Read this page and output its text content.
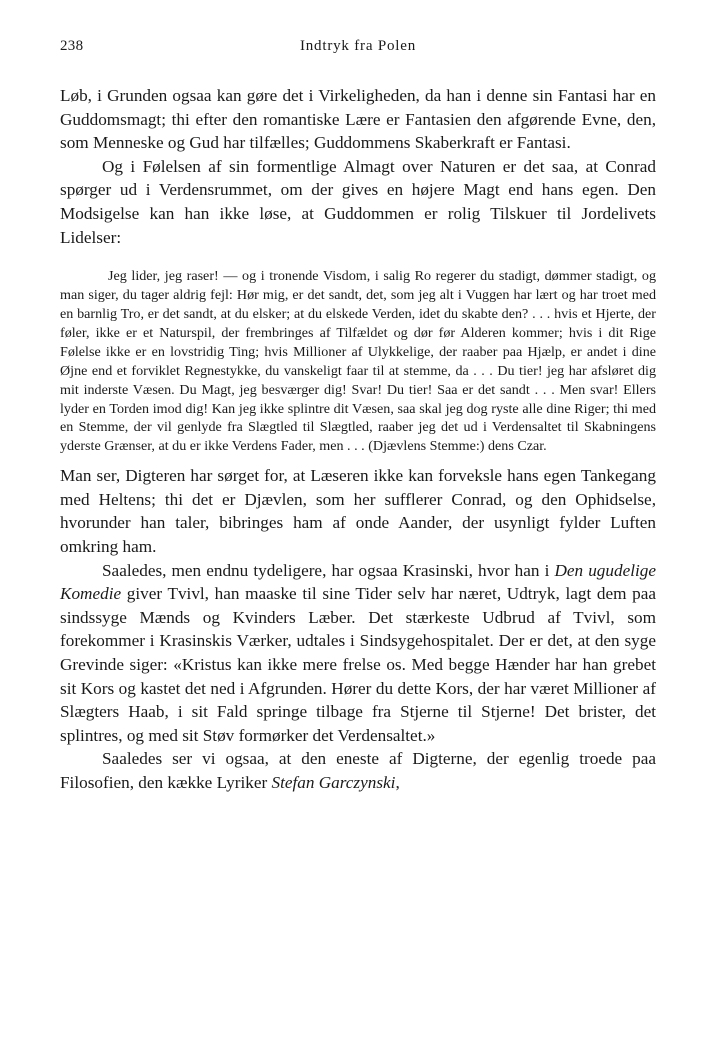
238	Indtryk fra Polen

Løb, i Grunden ogsaa kan gøre det i Virkeligheden, da han i denne sin Fantasi har en Guddomsmagt; thi efter den romantiske Lære er Fantasien den afgørende Evne, den, som Menneske og Gud har tilfælles; Guddommens Skaberkraft er Fantasi.

Og i Følelsen af sin formentlige Almagt over Naturen er det saa, at Conrad spørger ud i Verdensrummet, om der gives en højere Magt end hans egen. Den Modsigelse kan han ikke løse, at Guddommen er rolig Tilskuer til Jordelivets Lidelser:

Jeg lider, jeg raser! — og i tronende Visdom, i salig Ro regerer du stadigt, dømmer stadigt, og man siger, du tager aldrig fejl: Hør mig, er det sandt, det, som jeg alt i Vuggen har lært og har troet med en barnlig Tro, er det sandt, at du elsker; at du elskede Verden, idet du skabte den? . . . hvis et Hjerte, der føler, ikke er et Naturspil, der frembringes af Tilfældet og dør før Alderen kommer; hvis i dit Rige Følelse ikke er en lovstridig Ting; hvis Millioner af Ulykkelige, der raaber paa Hjælp, er andet i dine Øjne end et forviklet Regnestykke, du vanskeligt faar til at stemme, da . . . Du tier! jeg har afsløret dig mit inderste Væsen. Du Magt, jeg besværger dig! Svar! Du tier! Saa er det sandt . . . Men svar! Ellers lyder en Torden imod dig! Kan jeg ikke splintre dit Væsen, saa skal jeg dog ryste alle dine Riger; thi med en Stemme, der vil genlyde fra Slægtled til Slægtled, raaber jeg det ud i Verdensaltet til Skabningens yderste Grænser, at du er ikke Verdens Fader, men . . . (Djævlens Stemme:) dens Czar.

Man ser, Digteren har sørget for, at Læseren ikke kan forveksle hans egen Tankegang med Heltens; thi det er Djævlen, som her sufflerer Conrad, og den Ophidselse, hvorunder han taler, bibringes ham af onde Aander, der usynligt fylder Luften omkring ham.

Saaledes, men endnu tydeligere, har ogsaa Krasinski, hvor han i Den ugudelige Komedie giver Tvivl, han maaske til sine Tider selv har næret, Udtryk, lagt dem paa sindssyge Mænds og Kvinders Læber. Det stærkeste Udbrud af Tvivl, som forekommer i Krasinskis Værker, udtales i Sindsygehospitalet. Der er det, at den syge Grevinde siger: «Kristus kan ikke mere frelse os. Med begge Hænder har han grebet sit Kors og kastet det ned i Afgrunden. Hører du dette Kors, der har været Millioner af Slægters Haab, i sit Fald springe tilbage fra Stjerne til Stjerne! Det brister, det splintres, og med sit Støv formørker det Verdensaltet.»

Saaledes ser vi ogsaa, at den eneste af Digterne, der egenlig troede paa Filosofien, den kække Lyriker Stefan Garczynski,
